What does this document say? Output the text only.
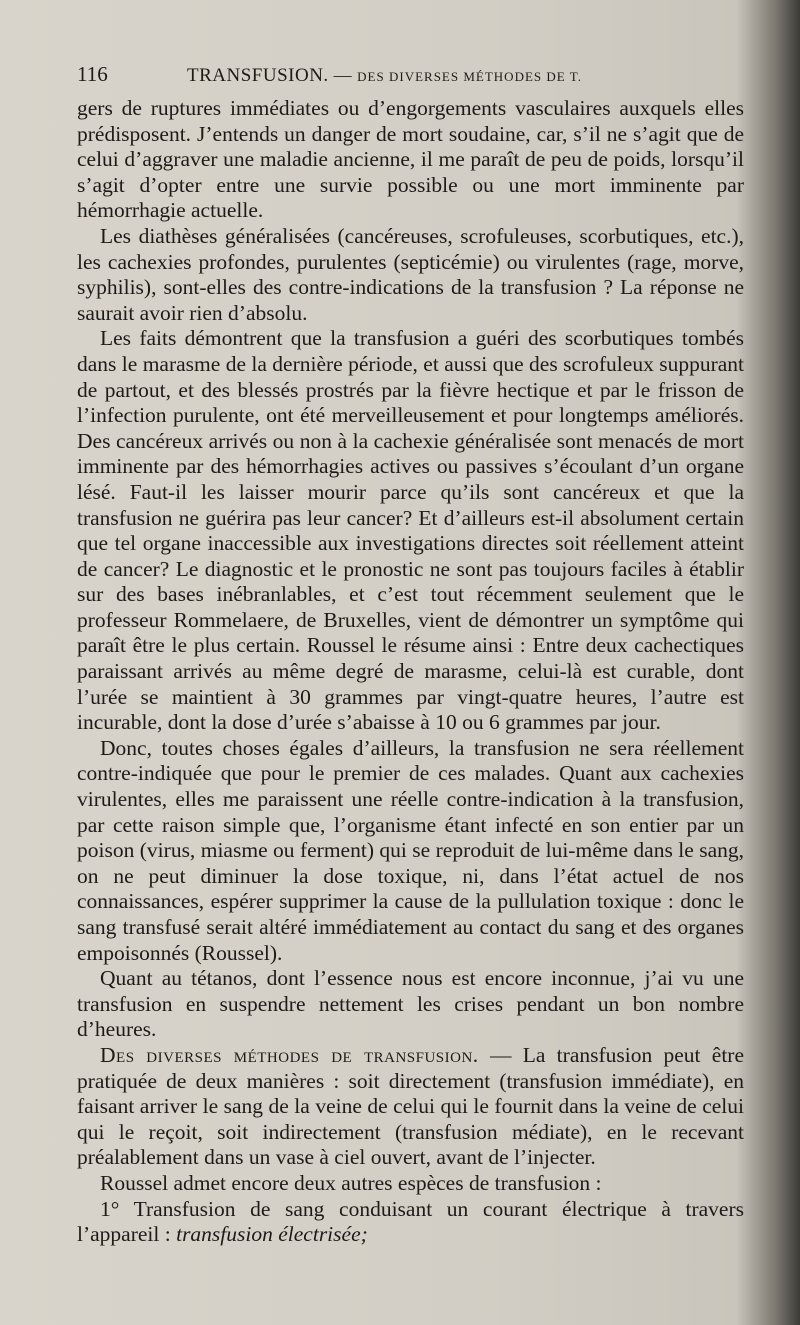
116	TRANSFUSION. — DES DIVERSES MÉTHODES DE T.

gers de ruptures immédiates ou d’engorgements vasculaires auxquels elles prédisposent. J’entends un danger de mort soudaine, car, s’il ne s’agit que de celui d’aggraver une maladie ancienne, il me paraît de peu de poids, lorsqu’il s’agit d’opter entre une survie possible ou une mort imminente par hémorrhagie actuelle.

Les diathèses généralisées (cancéreuses, scrofuleuses, scorbutiques, etc.), les cachexies profondes, purulentes (septicémie) ou virulentes (rage, morve, syphilis), sont-elles des contre-indications de la transfusion ? La réponse ne saurait avoir rien d’absolu.

Les faits démontrent que la transfusion a guéri des scorbutiques tombés dans le marasme de la dernière période, et aussi que des scrofuleux suppurant de partout, et des blessés prostrés par la fièvre hectique et par le frisson de l’infection purulente, ont été merveilleusement et pour longtemps améliorés. Des cancéreux arrivés ou non à la cachexie généralisée sont menacés de mort imminente par des hémorrhagies actives ou passives s’écoulant d’un organe lésé. Faut-il les laisser mourir parce qu’ils sont cancéreux et que la transfusion ne guérira pas leur cancer? Et d’ailleurs est-il absolument certain que tel organe inaccessible aux investigations directes soit réellement atteint de cancer? Le diagnostic et le pronostic ne sont pas toujours faciles à établir sur des bases inébranlables, et c’est tout récemment seulement que le professeur Rommelaere, de Bruxelles, vient de démontrer un symptôme qui paraît être le plus certain. Roussel le résume ainsi : Entre deux cachectiques paraissant arrivés au même degré de marasme, celui-là est curable, dont l’urée se maintient à 30 grammes par vingt-quatre heures, l’autre est incurable, dont la dose d’urée s’abaisse à 10 ou 6 grammes par jour.

Donc, toutes choses égales d’ailleurs, la transfusion ne sera réellement contre-indiquée que pour le premier de ces malades. Quant aux cachexies virulentes, elles me paraissent une réelle contre-indication à la transfusion, par cette raison simple que, l’organisme étant infecté en son entier par un poison (virus, miasme ou ferment) qui se reproduit de lui-même dans le sang, on ne peut diminuer la dose toxique, ni, dans l’état actuel de nos connaissances, espérer supprimer la cause de la pullulation toxique : donc le sang transfusé serait altéré immédiatement au contact du sang et des organes empoisonnés (Roussel).

Quant au tétanos, dont l’essence nous est encore inconnue, j’ai vu une transfusion en suspendre nettement les crises pendant un bon nombre d’heures.

Des diverses méthodes de transfusion. — La transfusion peut être pratiquée de deux manières : soit directement (transfusion immédiate), en faisant arriver le sang de la veine de celui qui le fournit dans la veine de celui qui le reçoit, soit indirectement (transfusion médiate), en le recevant préalablement dans un vase à ciel ouvert, avant de l’injecter.

Roussel admet encore deux autres espèces de transfusion :

1° Transfusion de sang conduisant un courant électrique à travers l’appareil : transfusion électrisée;
